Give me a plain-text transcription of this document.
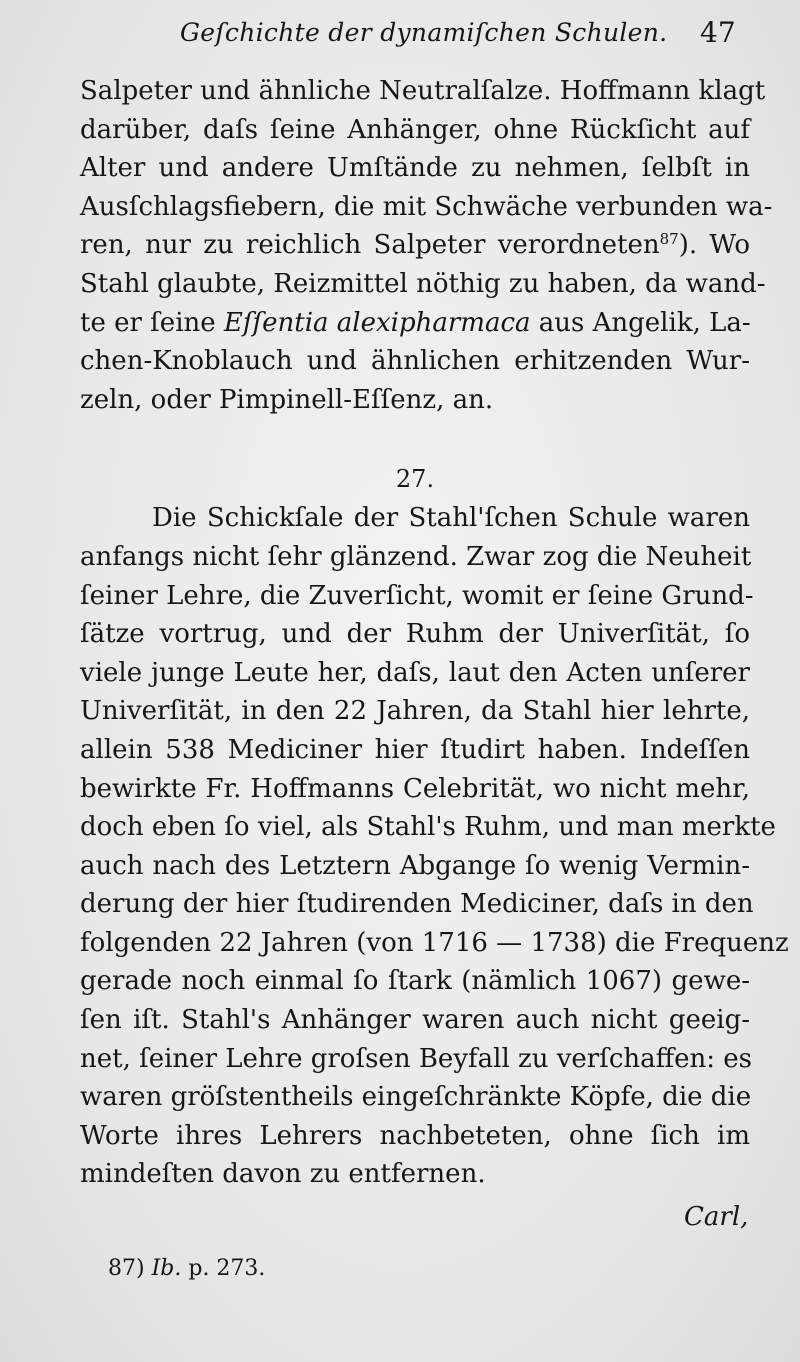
Geſchichte der dynamiſchen Schulen. 47
Salpeter und ähnliche Neutralſalze. Hoffmann klagt
darüber, daſs ſeine Anhänger, ohne Rückſicht auf
Alter und andere Umſtände zu nehmen, ſelbſt in
Ausſchlagsfiebern, die mit Schwäche verbunden wa-
ren, nur zu reichlich Salpeter verordneten$^{87}$). Wo
Stahl glaubte, Reizmittel nöthig zu haben, da wand-
te er ſeine Eſſentia alexipharmaca aus Angelik, La-
chen-Knoblauch und ähnlichen erhitzenden Wur-
zeln, oder Pimpinell-Eſſenz, an.
27.
Die Schickſale der Stahl'ſchen Schule waren
anfangs nicht ſehr glänzend. Zwar zog die Neuheit
ſeiner Lehre, die Zuverſicht, womit er ſeine Grund-
ſätze vortrug, und der Ruhm der Univerſität, ſo
viele junge Leute her, daſs, laut den Acten unſerer
Univerſität, in den 22 Jahren, da Stahl hier lehrte,
allein 538 Mediciner hier ſtudirt haben. Indeſſen
bewirkte Fr. Hoffmanns Celebrität, wo nicht mehr,
doch eben ſo viel, als Stahl's Ruhm, und man merkte
auch nach des Letztern Abgange ſo wenig Vermin-
derung der hier ſtudirenden Mediciner, daſs in den
folgenden 22 Jahren (von 1716 — 1738) die Frequenz
gerade noch einmal ſo ſtark (nämlich 1067) gewe-
ſen iſt. Stahl's Anhänger waren auch nicht geeig-
net, ſeiner Lehre groſsen Beyfall zu verſchaffen: es
waren gröſstentheils eingeſchränkte Köpfe, die die
Worte ihres Lehrers nachbeteten, ohne ſich im
mindeſten davon zu entfernen.
Carl,
87) Ib. p. 273.
